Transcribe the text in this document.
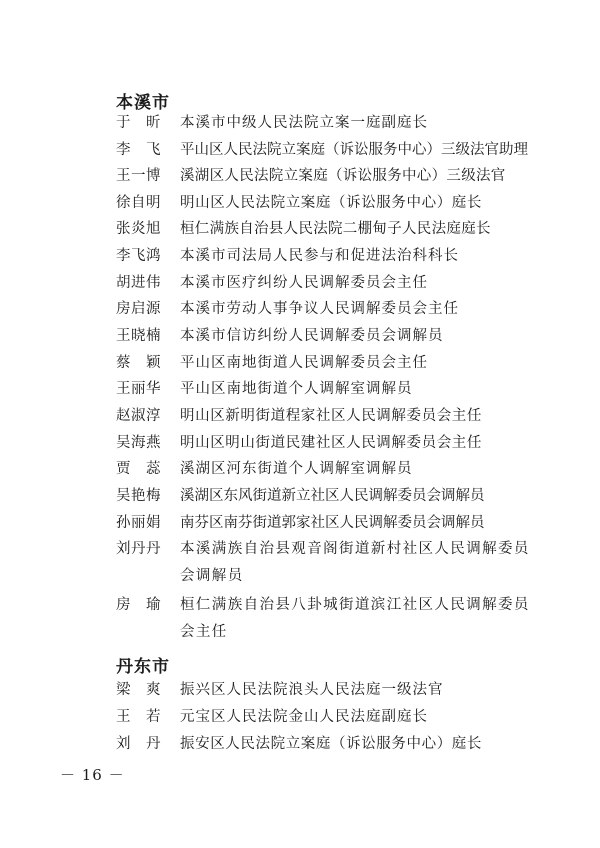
本溪市
于　昕	本溪市中级人民法院立案一庭副庭长
李　飞	平山区人民法院立案庭（诉讼服务中心）三级法官助理
王一博	溪湖区人民法院立案庭（诉讼服务中心）三级法官
徐自明	明山区人民法院立案庭（诉讼服务中心）庭长
张炎旭	桓仁满族自治县人民法院二棚甸子人民法庭庭长
李飞鸿	本溪市司法局人民参与和促进法治科科长
胡进伟	本溪市医疗纠纷人民调解委员会主任
房启源	本溪市劳动人事争议人民调解委员会主任
王晓楠	本溪市信访纠纷人民调解委员会调解员
蔡　颖	平山区南地街道人民调解委员会主任
王丽华	平山区南地街道个人调解室调解员
赵淑淳	明山区新明街道程家社区人民调解委员会主任
吴海燕	明山区明山街道民建社区人民调解委员会主任
贾　蕊	溪湖区河东街道个人调解室调解员
吴艳梅	溪湖区东风街道新立社区人民调解委员会调解员
孙丽娟	南芬区南芬街道郭家社区人民调解委员会调解员
刘丹丹	本溪满族自治县观音阁街道新村社区人民调解委员会调解员
房　瑜	桓仁满族自治县八卦城街道滨江社区人民调解委员会主任
丹东市
梁　爽	振兴区人民法院浪头人民法庭一级法官
王　若	元宝区人民法院金山人民法庭副庭长
刘　丹	振安区人民法院立案庭（诉讼服务中心）庭长
－ 16 －
